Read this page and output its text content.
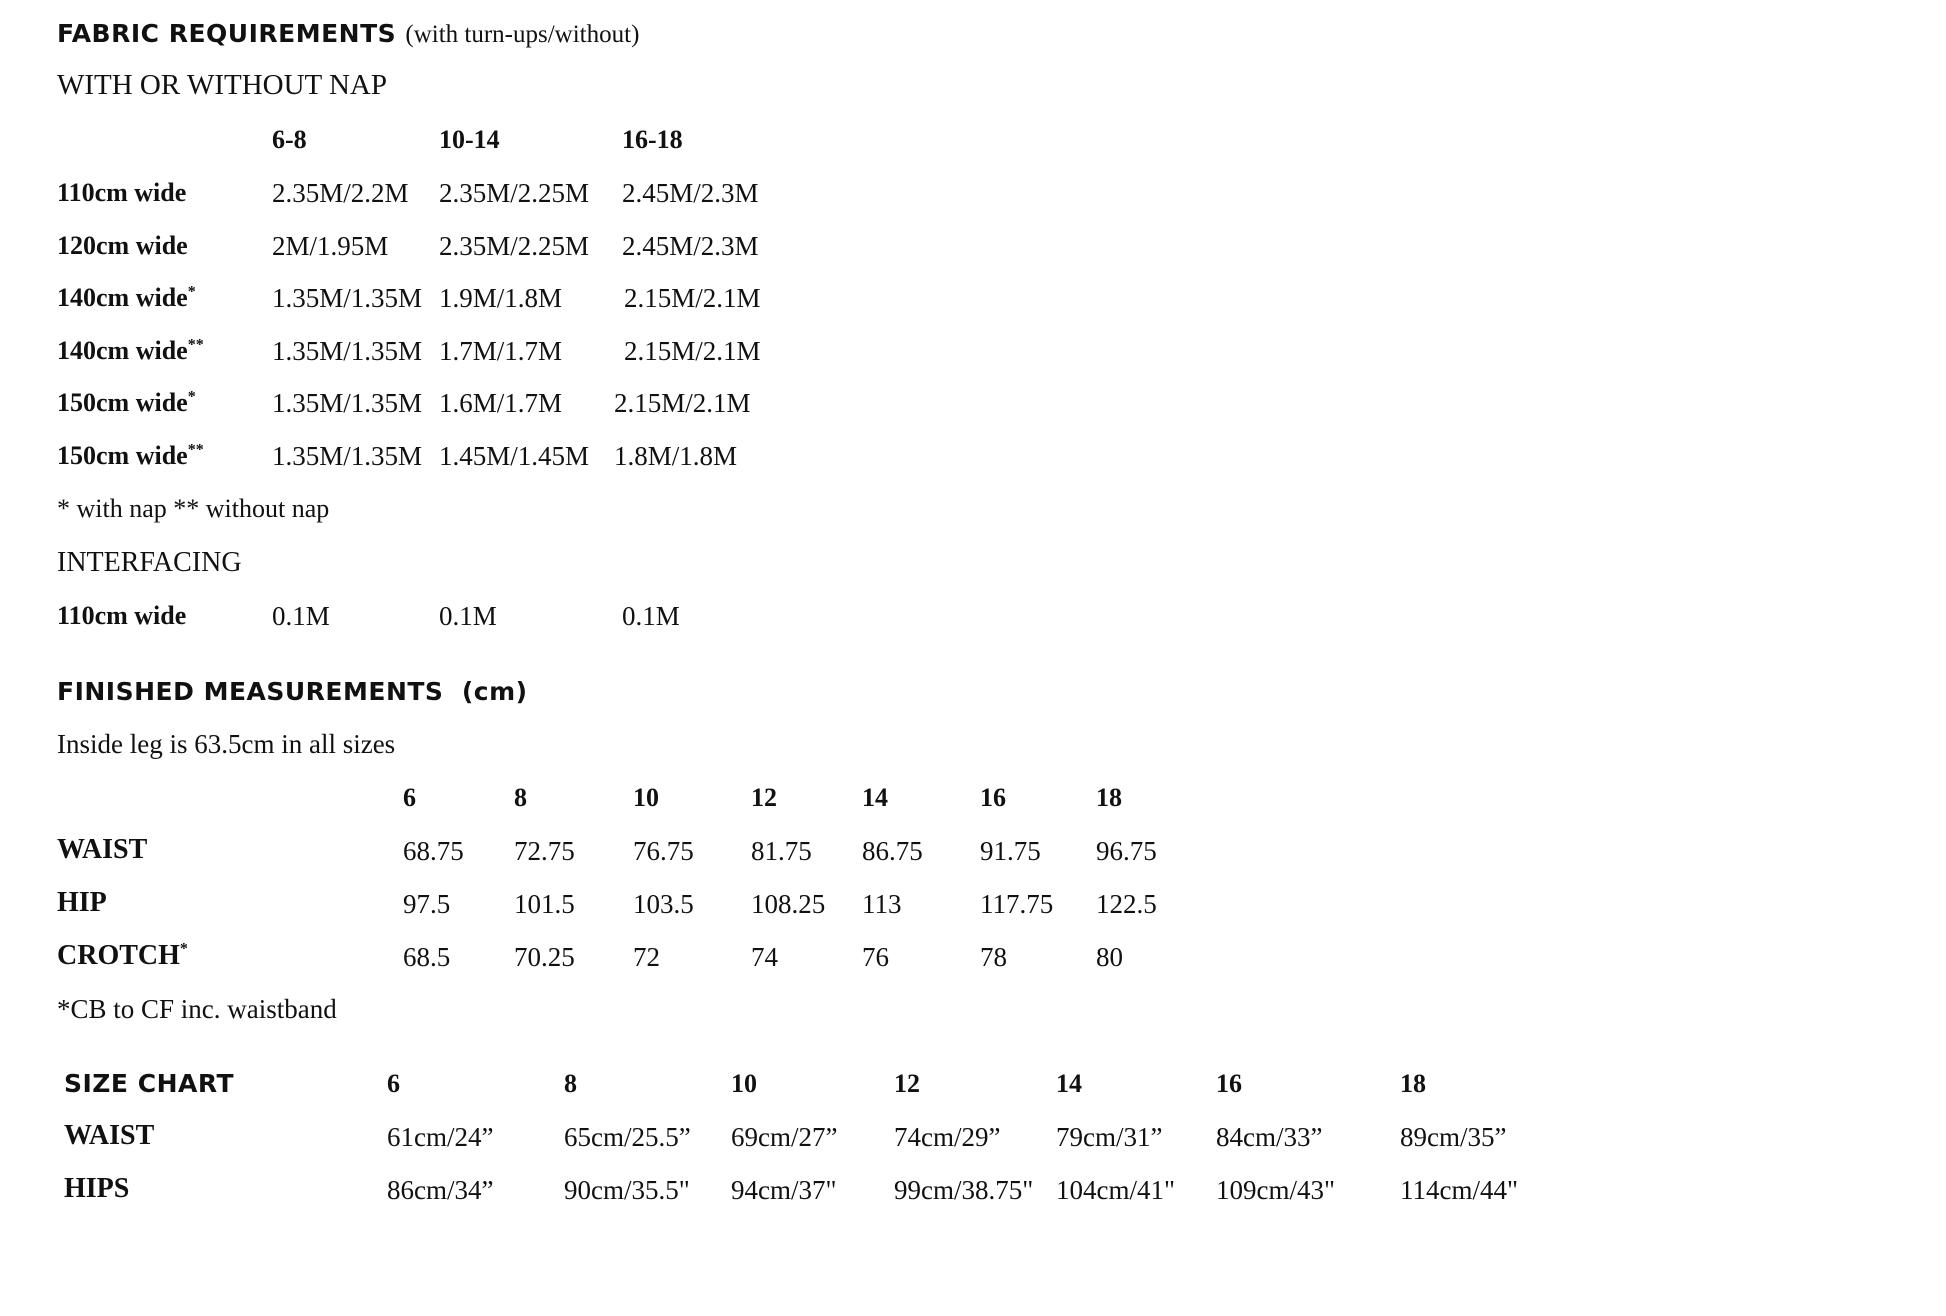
FABRIC REQUIREMENTS (with turn-ups/without)
WITH OR WITHOUT NAP
6-8	10-14	16-18
110cm wide	2.35M/2.2M 2.35M/2.25M 2.45M/2.3M
120cm wide	2M/1.95M 2.35M/2.25M 2.45M/2.3M
140cm wide*	1.35M/1.35M 1.9M/1.8M 2.15M/2.1M
140cm wide**	1.35M/1.35M 1.7M/1.7M 2.15M/2.1M
150cm wide*	1.35M/1.35M 1.6M/1.7M 2.15M/2.1M
150cm wide**	1.35M/1.35M 1.45M/1.45M 1.8M/1.8M
* with nap ** without nap
INTERFACING
110cm wide	0.1M	0.1M	0.1M
FINISHED MEASUREMENTS (cm)
Inside leg is 63.5cm in all sizes
6	8	10	12	14	16	18
WAIST	68.75 72.75 76.75 81.75 86.75 91.75 96.75
HIP	97.5 101.5 103.5 108.25 113	117.75 122.5
CROTCH*	68.5 70.25 72	74	76	78	80
*CB to CF inc. waistband
SIZE CHART	6	8	10	12	14	16	18
WAIST	61cm/24”	65cm/25.5” 69cm/27” 74cm/29” 79cm/31” 84cm/33”	89cm/35”
HIPS	86cm/34”	90cm/35.5" 94cm/37" 99cm/38.75" 104cm/41" 109cm/43" 114cm/44"
